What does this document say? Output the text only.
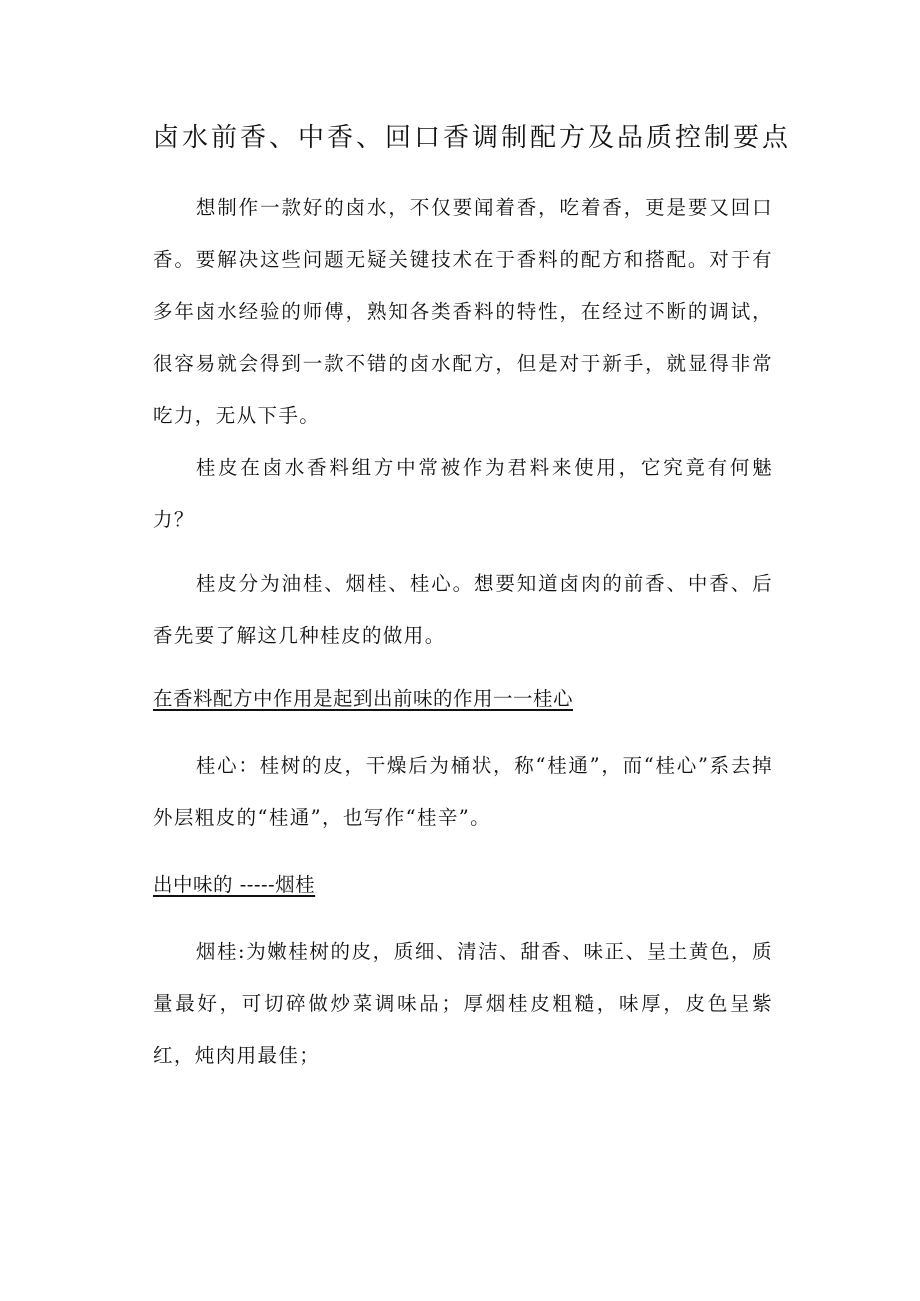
卤水前香、中香、回口香调制配方及品质控制要点

想制作一款好的卤水，不仅要闻着香，吃着香，更是要又回口香。要解决这些问题无疑关键技术在于香料的配方和搭配。对于有多年卤水经验的师傅，熟知各类香料的特性，在经过不断的调试，很容易就会得到一款不错的卤水配方，但是对于新手，就显得非常吃力，无从下手。

桂皮在卤水香料组方中常被作为君料来使用，它究竟有何魅力？

桂皮分为油桂、烟桂、桂心。想要知道卤肉的前香、中香、后香先要了解这几种桂皮的做用。

在香料配方中作用是起到出前味的作用一一桂心

桂心：桂树的皮，干燥后为桶状，称“桂通”，而“桂心”系去掉外层粗皮的“桂通”，也写作“桂辛”。

出中味的 -----烟桂

烟桂:为嫩桂树的皮，质细、清洁、甜香、味正、呈土黄色，质量最好，可切碎做炒菜调味品；厚烟桂皮粗糙，味厚，皮色呈紫红，炖肉用最佳；
